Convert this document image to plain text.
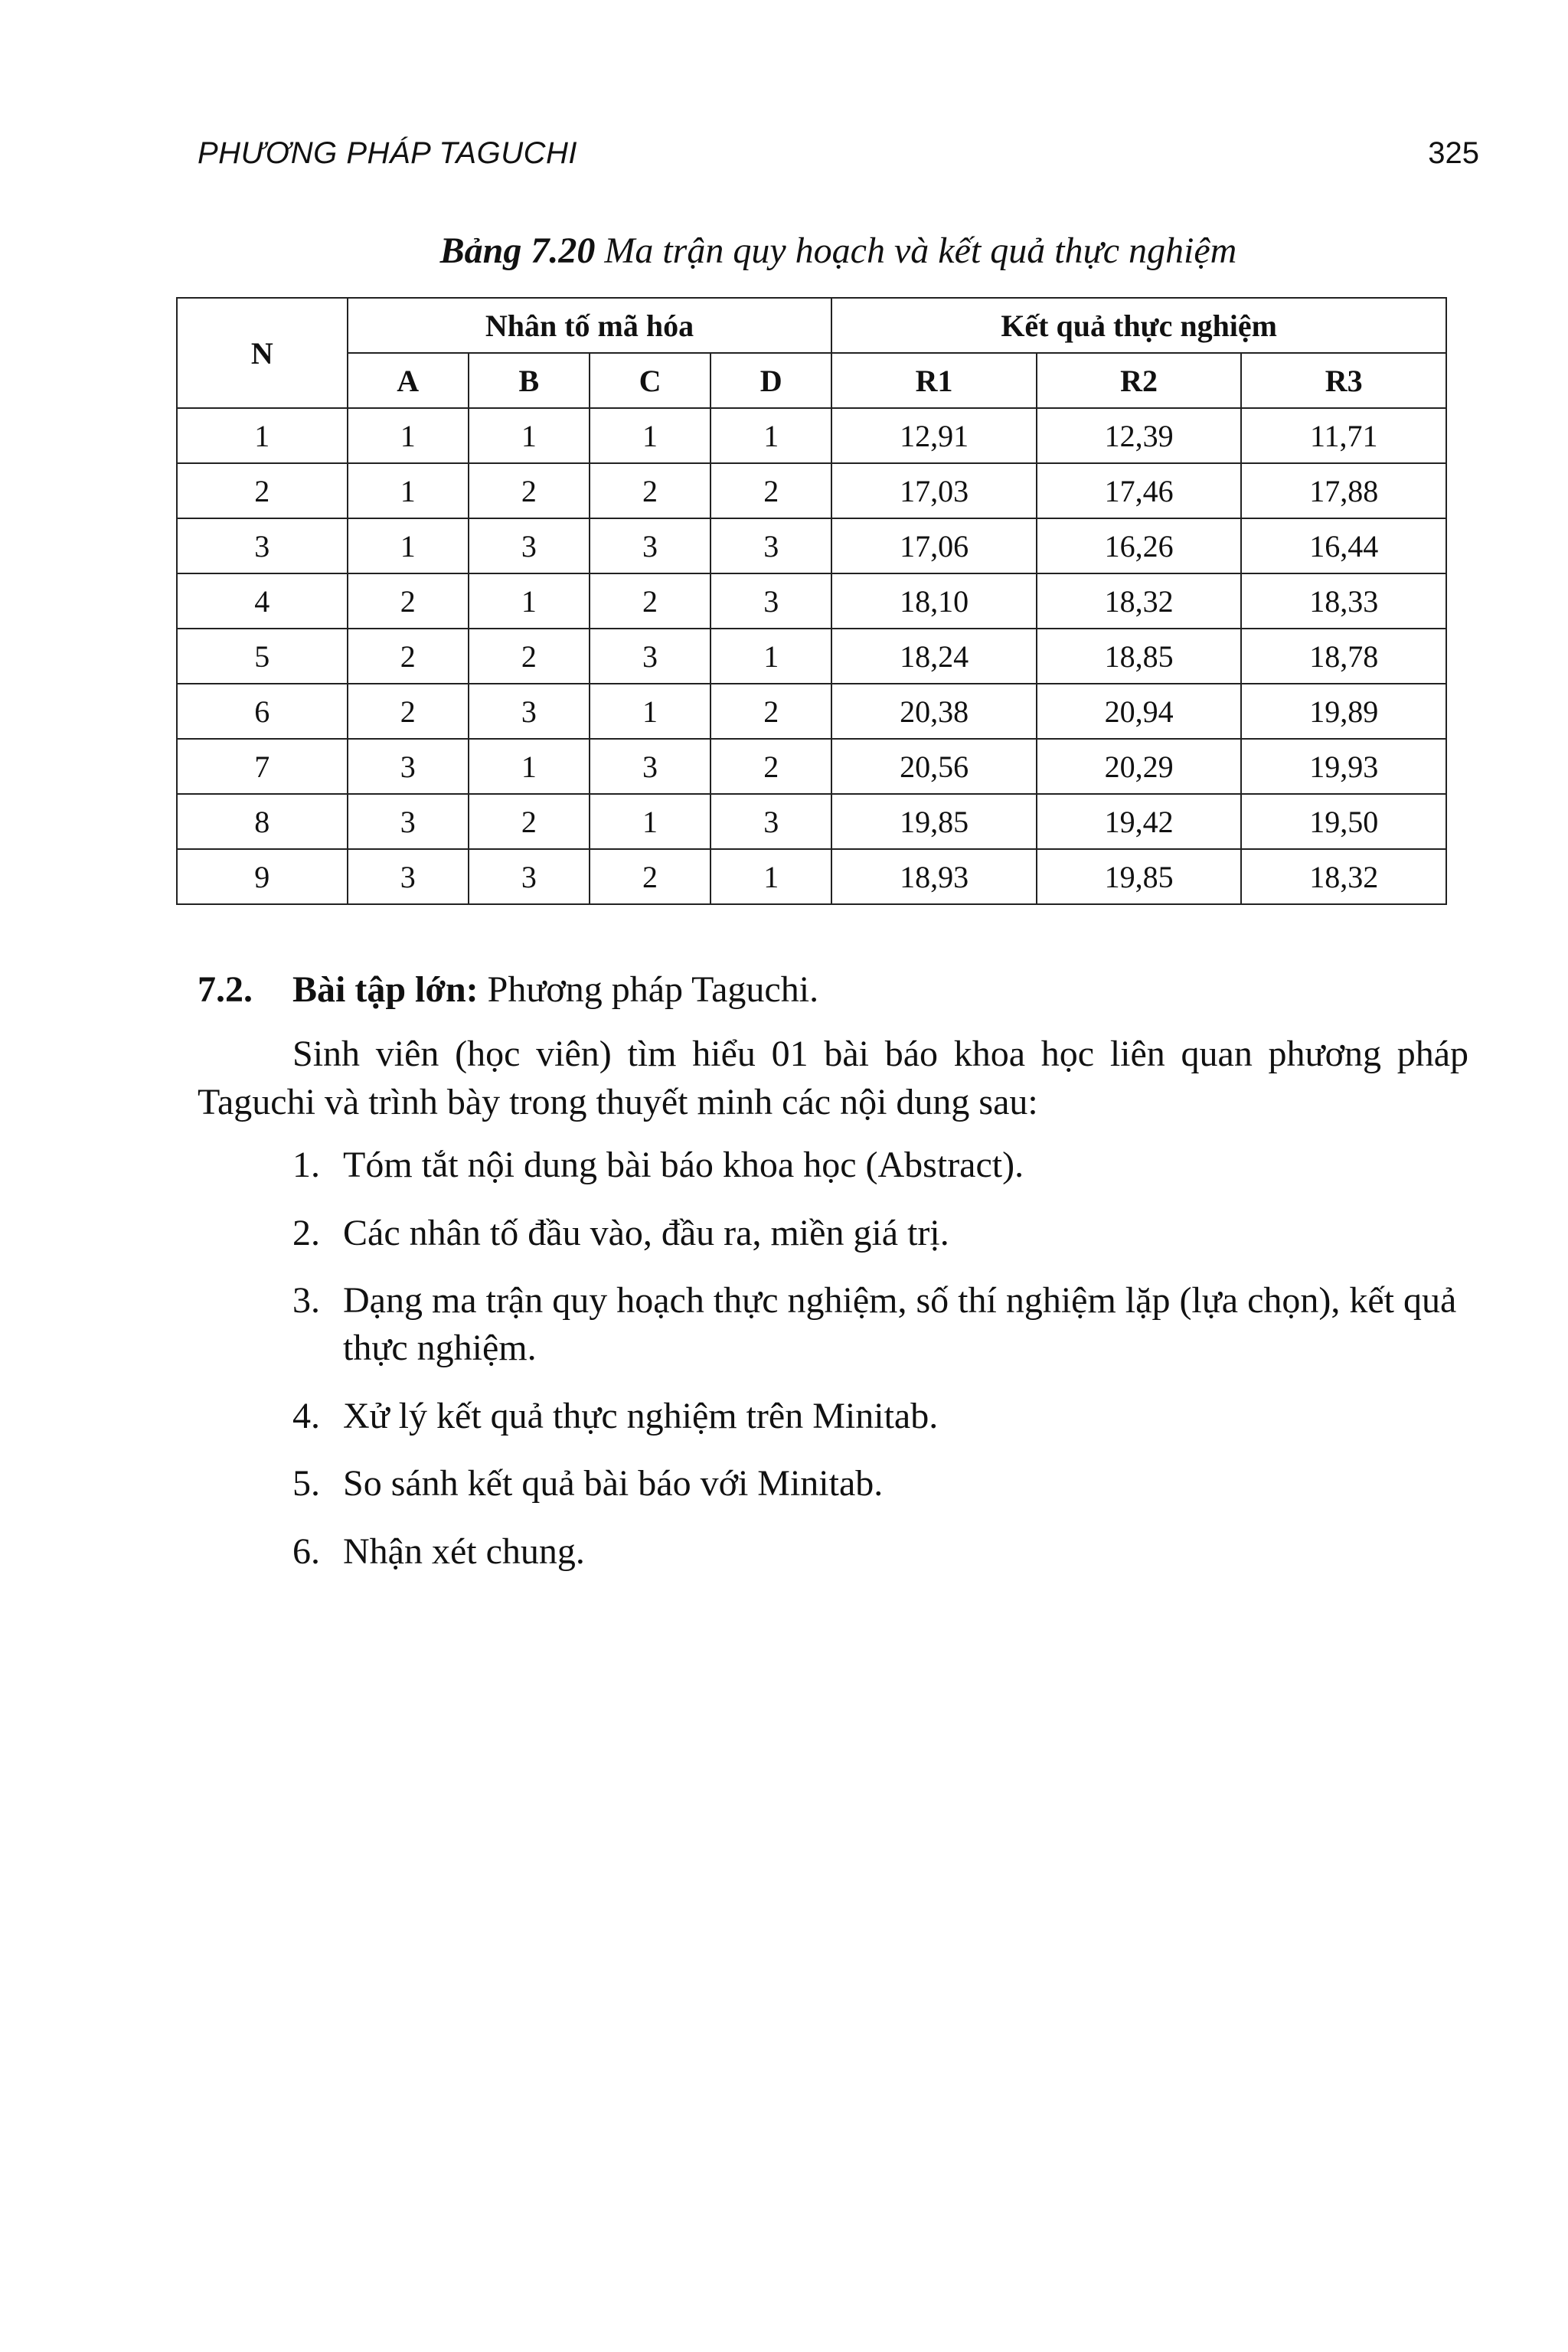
PHƯƠNG PHÁP TAGUCHI	325
Bảng 7.20 Ma trận quy hoạch và kết quả thực nghiệm
N	Nhân tố mã hóa				Kết quả thực nghiệm		
	A	B	C	D	R1	R2	R3
1	1	1	1	1	12,91	12,39	11,71
2	1	2	2	2	17,03	17,46	17,88
3	1	3	3	3	17,06	16,26	16,44
4	2	1	2	3	18,10	18,32	18,33
5	2	2	3	1	18,24	18,85	18,78
6	2	3	1	2	20,38	20,94	19,89
7	3	1	3	2	20,56	20,29	19,93
8	3	2	1	3	19,85	19,42	19,50
9	3	3	2	1	18,93	19,85	18,32

7.2. Bài tập lớn: Phương pháp Taguchi.

Sinh viên (học viên) tìm hiểu 01 bài báo khoa học liên quan phương pháp Taguchi và trình bày trong thuyết minh các nội dung sau:

1. Tóm tắt nội dung bài báo khoa học (Abstract).
2. Các nhân tố đầu vào, đầu ra, miền giá trị.
3. Dạng ma trận quy hoạch thực nghiệm, số thí nghiệm lặp (lựa chọn), kết quả thực nghiệm.
4. Xử lý kết quả thực nghiệm trên Minitab.
5. So sánh kết quả bài báo với Minitab.
6. Nhận xét chung.
